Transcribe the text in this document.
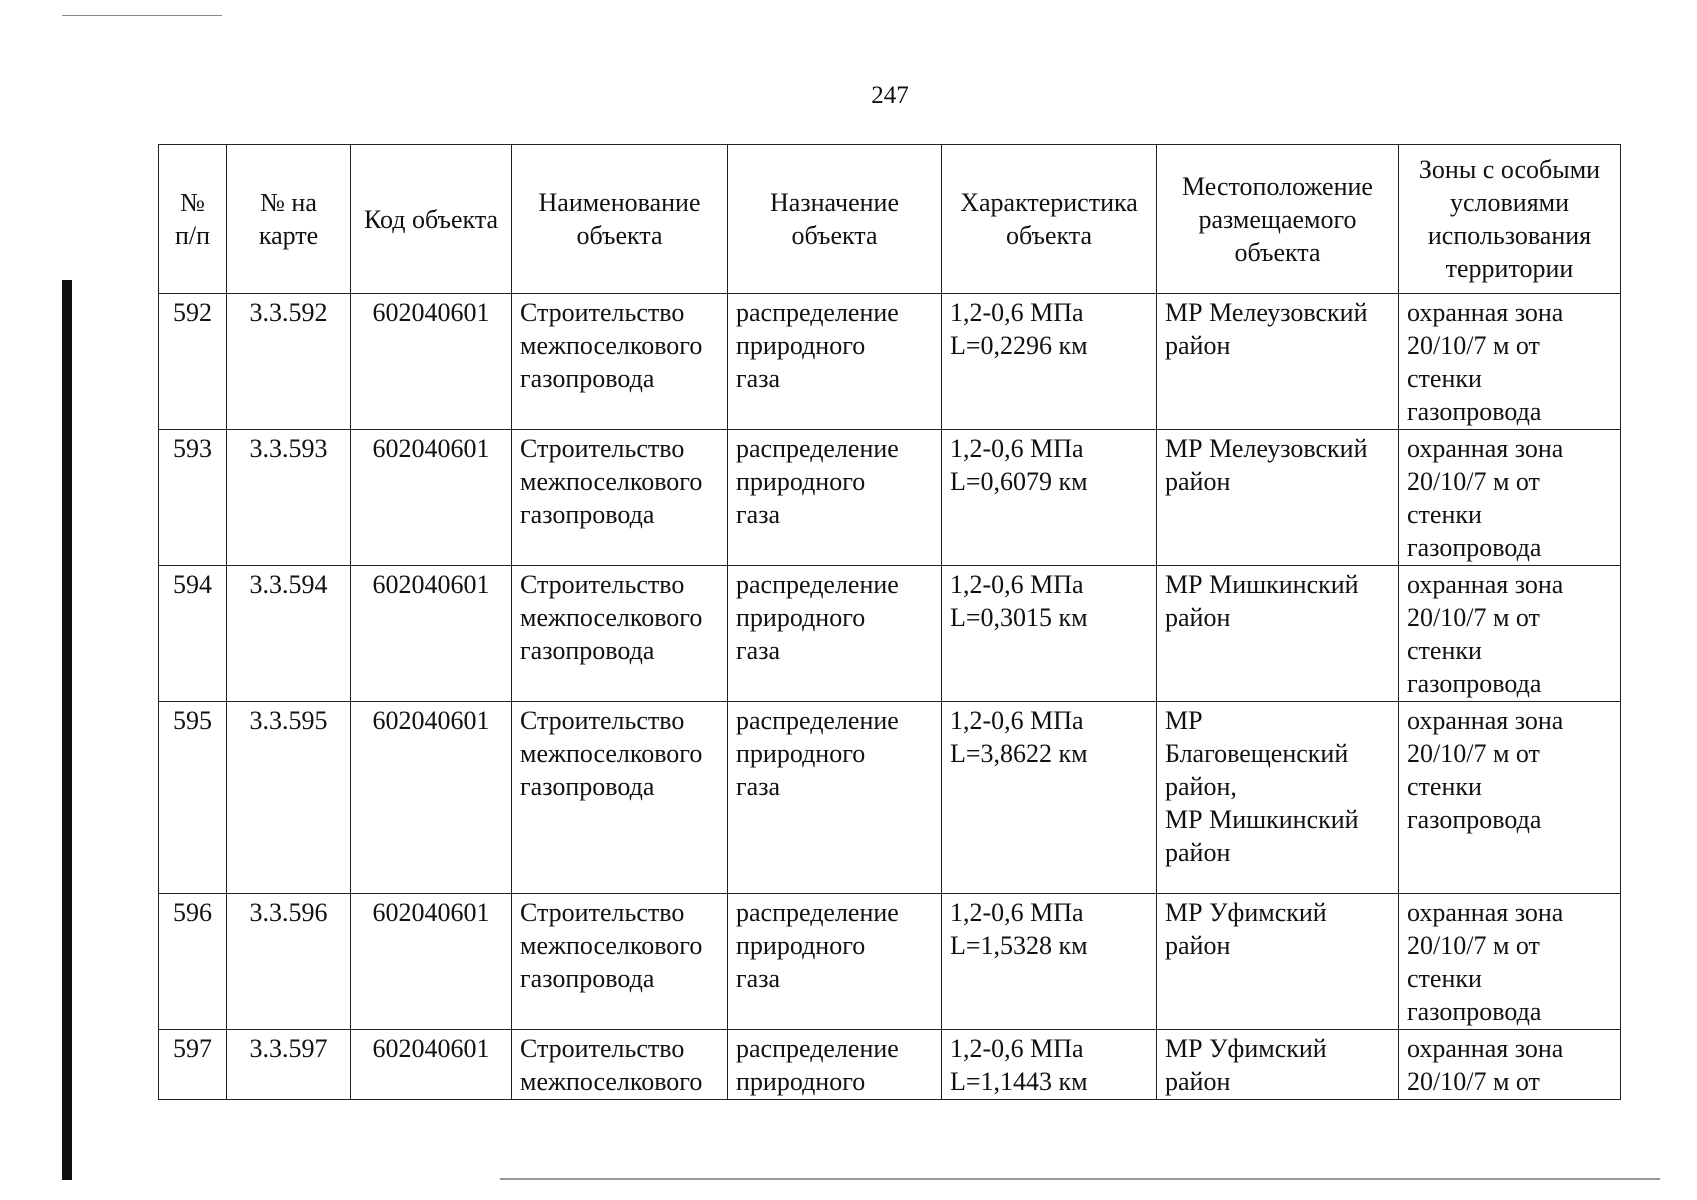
247
№
п/п	№ на
карте	Код объекта	Наименование
объекта	Назначение
объекта	Характеристика
объекта	Местоположение
размещаемого
объекта	Зоны с особыми
условиями
использования
территории
592	3.3.592	602040601	Строительство
межпоселкового
газопровода	распределение
природного
газа	1,2-0,6 МПа
L=0,2296 км	МР Мелеузовский
район	охранная зона
20/10/7 м от
стенки
газопровода
593	3.3.593	602040601	Строительство
межпоселкового
газопровода	распределение
природного
газа	1,2-0,6 МПа
L=0,6079 км	МР Мелеузовский
район	охранная зона
20/10/7 м от
стенки
газопровода
594	3.3.594	602040601	Строительство
межпоселкового
газопровода	распределение
природного
газа	1,2-0,6 МПа
L=0,3015 км	МР Мишкинский
район	охранная зона
20/10/7 м от
стенки
газопровода
595	3.3.595	602040601	Строительство
межпоселкового
газопровода	распределение
природного
газа	1,2-0,6 МПа
L=3,8622 км	МР
Благовещенский
район,
МР Мишкинский
район	охранная зона
20/10/7 м от
стенки
газопровода
596	3.3.596	602040601	Строительство
межпоселкового
газопровода	распределение
природного
газа	1,2-0,6 МПа
L=1,5328 км	МР Уфимский
район	охранная зона
20/10/7 м от
стенки
газопровода
597	3.3.597	602040601	Строительство
межпоселкового	распределение
природного	1,2-0,6 МПа
L=1,1443 км	МР Уфимский
район	охранная зона
20/10/7 м от
